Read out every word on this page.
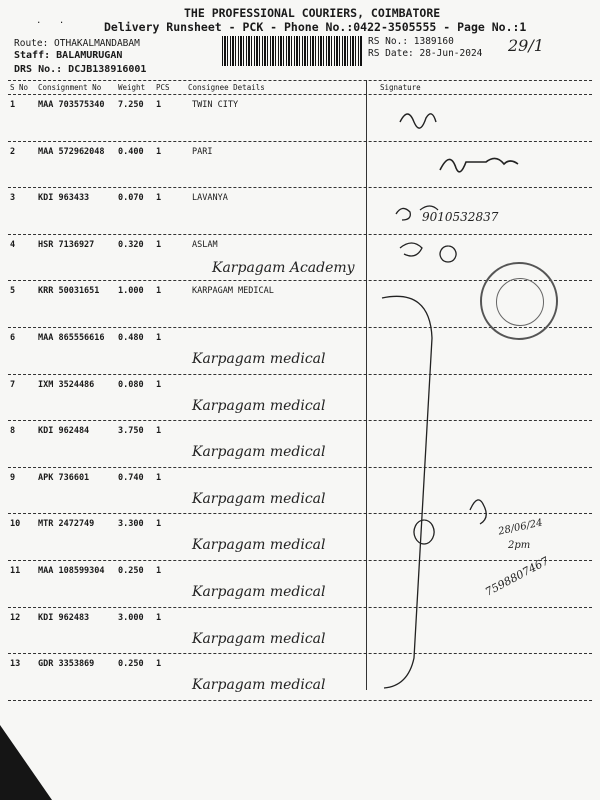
. .
THE PROFESSIONAL COURIERS, COIMBATORE
Delivery Runsheet - PCK - Phone No.:0422-3505555 - Page No.:1
Route: OTHAKALMANDABAM
Staff: BALAMURUGAN
DRS No.: DCJB138916001
RS No.: 1389160
RS Date: 28-Jun-2024 29/1
S No Consignment No Weight PCS Consignee Details	Signature
1	MAA 703575340 7.250 1	TWIN CITY
2	MAA 572962048 0.400 1	PARI
3	KDI 963433	0.070 1	LAVANYA
4	HSR 7136927	0.320 1	ASLAM
Karpagam Academy
5	KRR 50031651 1.000 1	KARPAGAM MEDICAL
6	MAA 865556616 0.480 1
Karpagam medical
7	IXM 3524486	0.080 1
Karpagam medical
8	KDI 962484	3.750 1
Karpagam medical
9	APK 736601	0.740 1
Karpagam medical
10 MTR 2472749	3.300 1
Karpagam medical
11 MAA 108599304 0.250 1
Karpagam medical
12 KDI 962483	3.000 1
Karpagam medical
13 GDR 3353869	0.250 1
Karpagam medical
9010532837
28/06/24
2pm
7598807467
